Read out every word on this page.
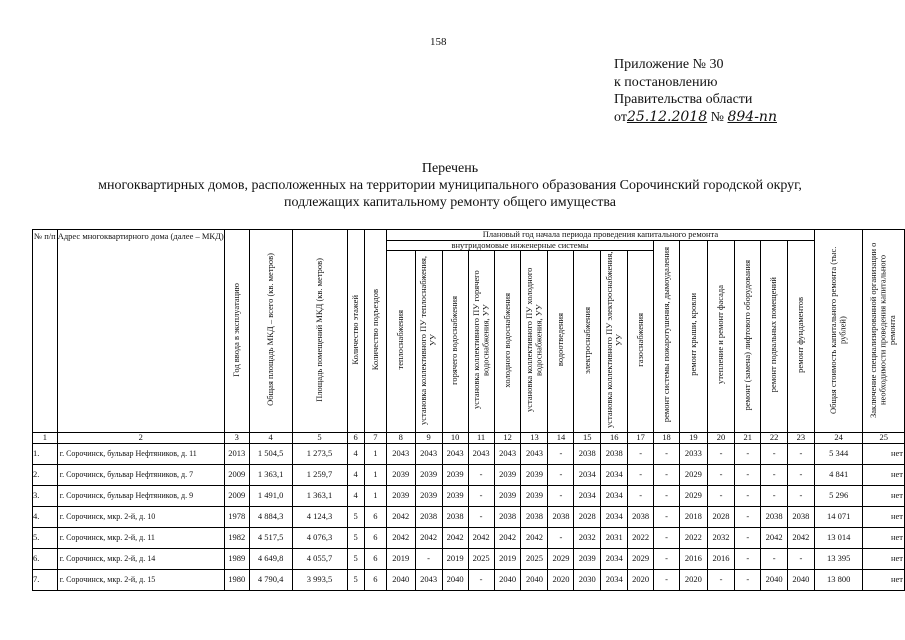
158
Приложение № 30
к постановлению
Правительства области
от25.12.2018 № 894-пп
Перечень
многоквартирных домов, расположенных на территории муниципального образования Сорочинский городской округ,
подлежащих капитальному ремонту общего имущества
№ п/п	Адрес многоквартирного дома (далее – МКД)	Год ввода в эксплуатацию	Общая площадь МКД – всего (кв. метров)	Площадь помещений МКД (кв. метров)	Количество этажей	Количество подъездов	Плановый год начала периода проведения капитального ремонта																Общая стоимость капитального ремонта (тыс. рублей)	Заключение специализированной организации о необходимости проведения капитального ремонта
							внутридомовые инженерные системы										ремонт системы пожаротушения, дымоудаления	ремонт крыши, кровли	утепление и ремонт фасада	ремонт (замена) лифтового оборудования	ремонт подвальных помещений	ремонт фундаментов		
							теплоснабжения	установка коллективного ПУ теплоснабжения, УУ	горячего водоснабжения	установка коллективного ПУ горячего водоснабжения, УУ	холодного водоснабжения	установка коллективного ПУ холодного водоснабжения, УУ	водоотведения	электроснабжения	установка коллективного ПУ электроснабжения, УУ	газоснабжения								
1	2	3	4	5	6	7	8	9	10	11	12	13	14	15	16	17	18	19	20	21	22	23	24	25
1.	г. Сорочинск, бульвар Нефтяников, д. 11	2013	1 504,5	1 273,5	4	1	2043	2043	2043	2043	2043	2043	-	2038	2038	-	-	2033	-	-	-	-	5 344	нет
2.	г. Сорочинск, бульвар Нефтяников, д. 7	2009	1 363,1	1 259,7	4	1	2039	2039	2039	-	2039	2039	-	2034	2034	-	-	2029	-	-	-	-	4 841	нет
3.	г. Сорочинск, бульвар Нефтяников, д. 9	2009	1 491,0	1 363,1	4	1	2039	2039	2039	-	2039	2039	-	2034	2034	-	-	2029	-	-	-	-	5 296	нет
4.	г. Сорочинск, мкр. 2-й, д. 10	1978	4 884,3	4 124,3	5	6	2042	2038	2038	-	2038	2038	2038	2028	2034	2038	-	2018	2028	-	2038	2038	14 071	нет
5.	г. Сорочинск, мкр. 2-й, д. 11	1982	4 517,5	4 076,3	5	6	2042	2042	2042	2042	2042	2042	-	2032	2031	2022	-	2022	2032	-	2042	2042	13 014	нет
6.	г. Сорочинск, мкр. 2-й, д. 14	1989	4 649,8	4 055,7	5	6	2019	-	2019	2025	2019	2025	2029	2039	2034	2029	-	2016	2016	-	-	-	13 395	нет
7.	г. Сорочинск, мкр. 2-й, д. 15	1980	4 790,4	3 993,5	5	6	2040	2043	2040	-	2040	2040	2020	2030	2034	2020	-	2020	-	-	2040	2040	13 800	нет
